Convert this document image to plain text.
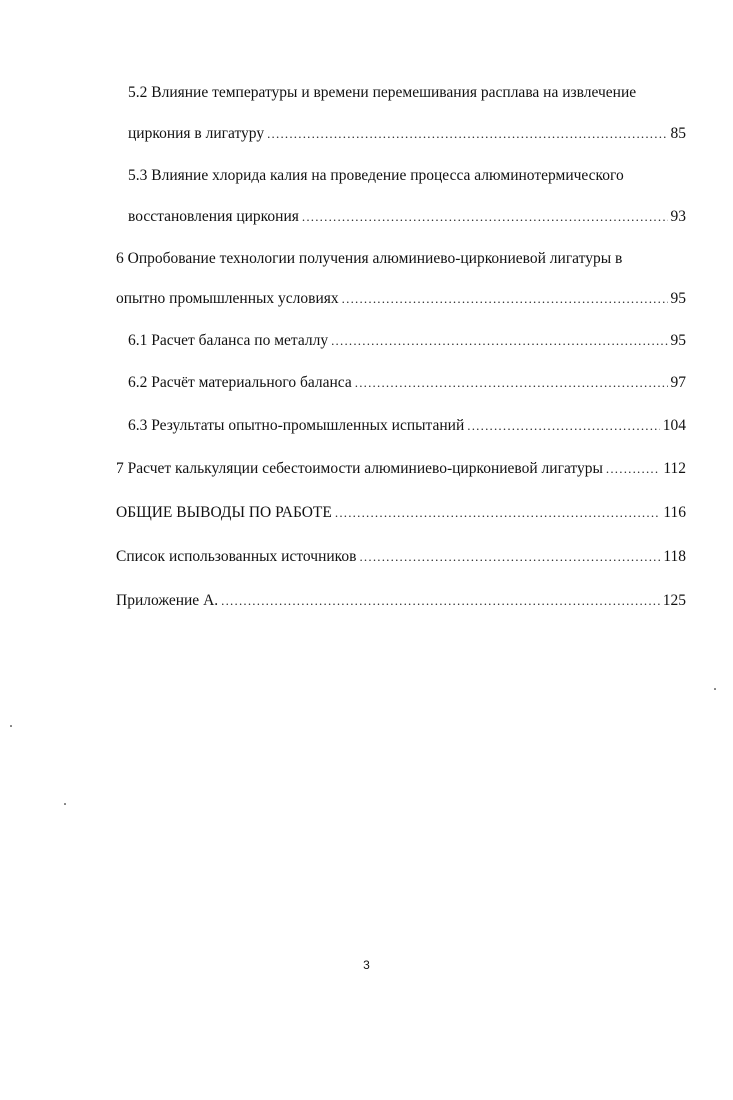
5.2 Влияние температуры и времени перемешивания расплава на извлечение
циркония в лигатуру .....	85
5.3 Влияние хлорида калия на проведение процесса алюминотермического
восстановления циркония .....	93
6 Опробование технологии получения алюминиево-циркониевой лигатуры в
опытно промышленных условиях .....	95
6.1 Расчет баланса по металлу .....	95
6.2 Расчёт материального баланса .....	97
6.3 Результаты опытно-промышленных испытаний .....	104
7 Расчет калькуляции себестоимости алюминиево-циркониевой лигатуры .....	112
ОБЩИЕ ВЫВОДЫ ПО РАБОТЕ .....	116
Список использованных источников .....	118
Приложение А. .....	125
3
